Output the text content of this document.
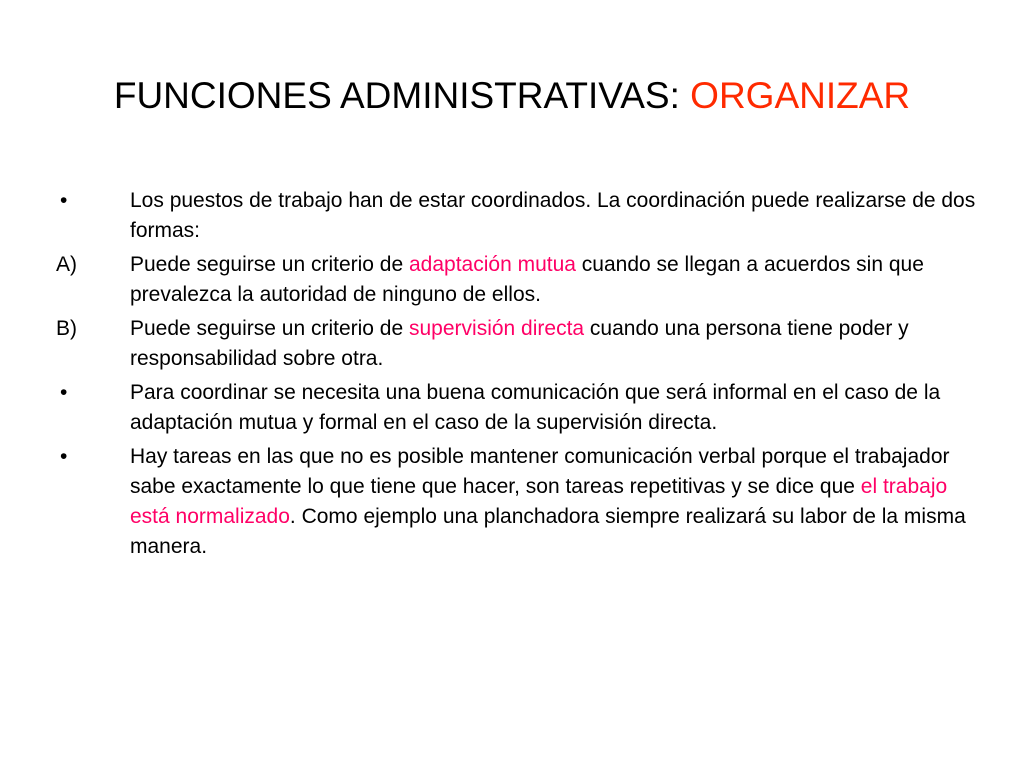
FUNCIONES ADMINISTRATIVAS: ORGANIZAR
•	Los puestos de trabajo han de estar coordinados. La coordinación puede realizarse de dos formas:
A)	Puede seguirse un criterio de adaptación mutua cuando se llegan a acuerdos sin que prevalezca la autoridad de ninguno de ellos.
B)	Puede seguirse un criterio de supervisión directa cuando una persona tiene poder y responsabilidad sobre otra.
•	Para coordinar se necesita una buena comunicación que será informal en el caso de la adaptación mutua y formal en el caso de la supervisión directa.
•	Hay tareas en las que no es posible mantener comunicación verbal porque el trabajador sabe exactamente lo que tiene que hacer, son tareas repetitivas y se dice que el trabajo está normalizado. Como ejemplo una planchadora siempre realizará su labor de la misma manera.
